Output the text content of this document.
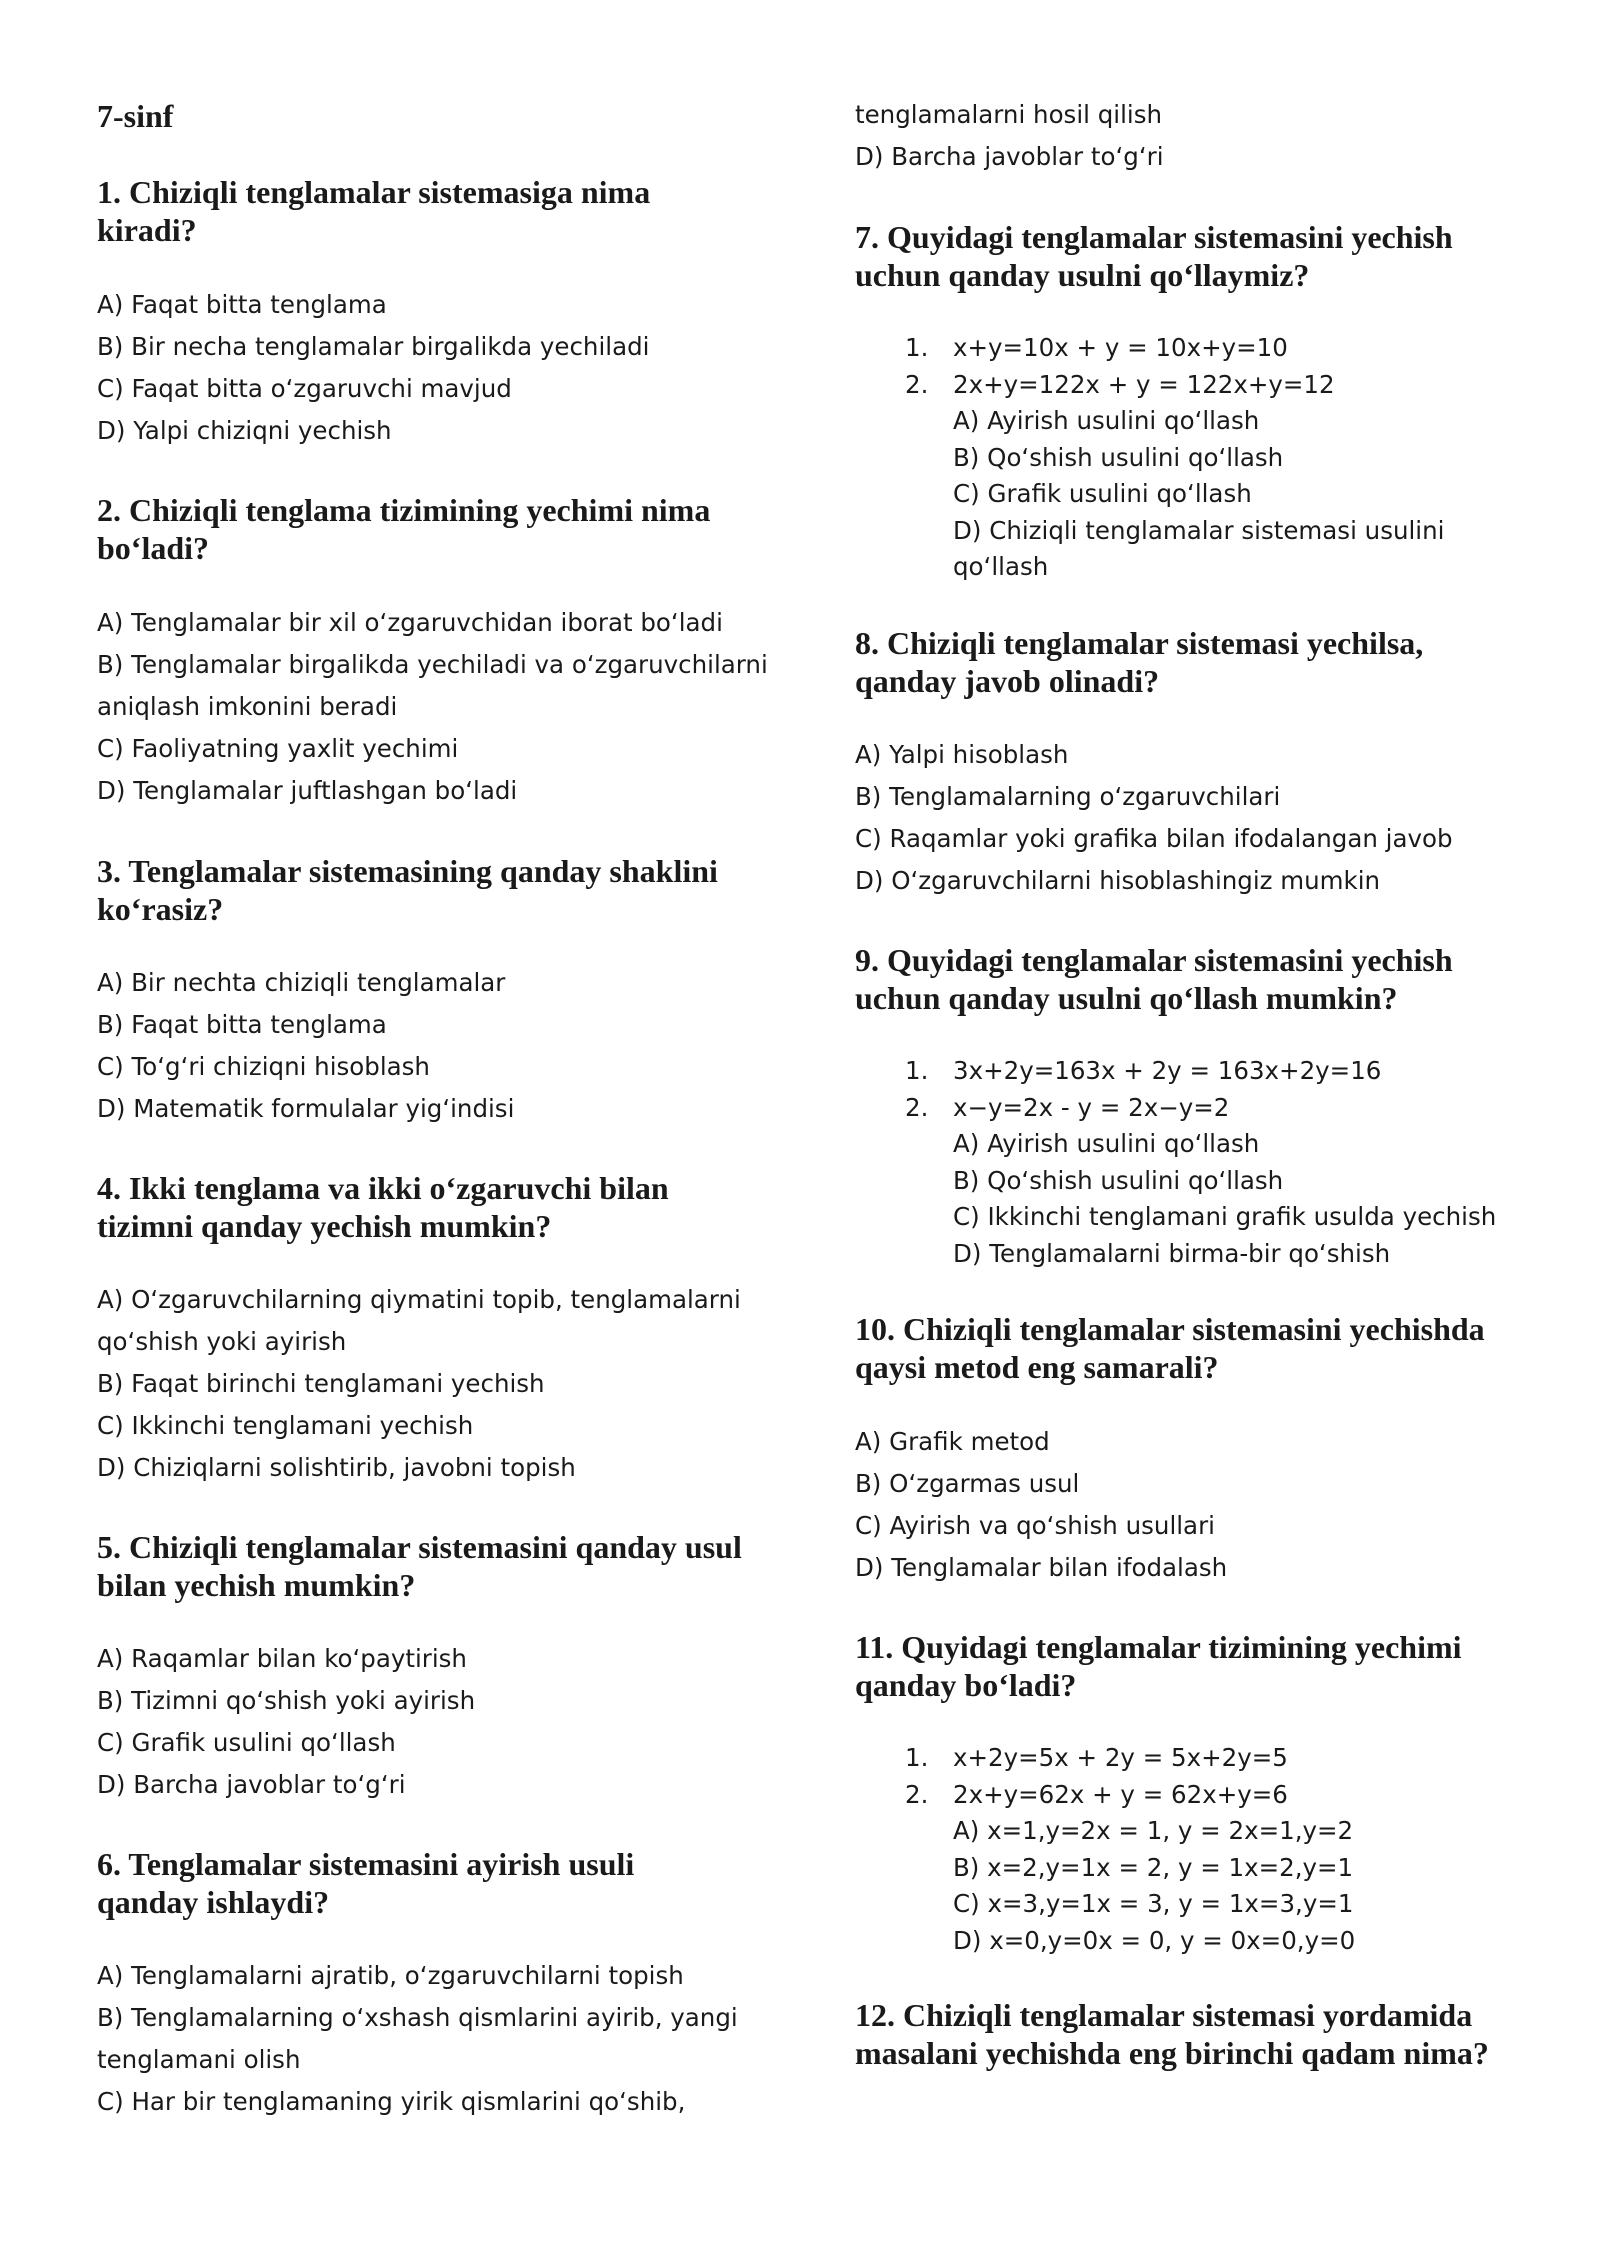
7-sinf
1. Chiziqli tenglamalar sistemasiga nima
kiradi?
A) Faqat bitta tenglama
B) Bir necha tenglamalar birgalikda yechiladi
C) Faqat bitta o‘zgaruvchi mavjud
D) Yalpi chiziqni yechish
2. Chiziqli tenglama tizimining yechimi nima
bo‘ladi?
A) Tenglamalar bir xil o‘zgaruvchidan iborat bo‘ladi
B) Tenglamalar birgalikda yechiladi va o‘zgaruvchilarni
aniqlash imkonini beradi
C) Faoliyatning yaxlit yechimi
D) Tenglamalar juftlashgan bo‘ladi
3. Tenglamalar sistemasining qanday shaklini
ko‘rasiz?
A) Bir nechta chiziqli tenglamalar
B) Faqat bitta tenglama
C) To‘g‘ri chiziqni hisoblash
D) Matematik formulalar yig‘indisi
4. Ikki tenglama va ikki o‘zgaruvchi bilan
tizimni qanday yechish mumkin?
A) O‘zgaruvchilarning qiymatini topib, tenglamalarni
qo‘shish yoki ayirish
B) Faqat birinchi tenglamani yechish
C) Ikkinchi tenglamani yechish
D) Chiziqlarni solishtirib, javobni topish
5. Chiziqli tenglamalar sistemasini qanday usul
bilan yechish mumkin?
A) Raqamlar bilan ko‘paytirish
B) Tizimni qo‘shish yoki ayirish
C) Grafik usulini qo‘llash
D) Barcha javoblar to‘g‘ri
6. Tenglamalar sistemasini ayirish usuli
qanday ishlaydi?
A) Tenglamalarni ajratib, o‘zgaruvchilarni topish
B) Tenglamalarning o‘xshash qismlarini ayirib, yangi
tenglamani olish
C) Har bir tenglamaning yirik qismlarini qo‘shib,
tenglamalarni hosil qilish
D) Barcha javoblar to‘g‘ri
7. Quyidagi tenglamalar sistemasini yechish
uchun qanday usulni qo‘llaymiz?
1. x+y=10x + y = 10x+y=10
2. 2x+y=122x + y = 122x+y=12
A) Ayirish usulini qo‘llash
B) Qo‘shish usulini qo‘llash
C) Grafik usulini qo‘llash
D) Chiziqli tenglamalar sistemasi usulini
qo‘llash
8. Chiziqli tenglamalar sistemasi yechilsa,
qanday javob olinadi?
A) Yalpi hisoblash
B) Tenglamalarning o‘zgaruvchilari
C) Raqamlar yoki grafika bilan ifodalangan javob
D) O‘zgaruvchilarni hisoblashingiz mumkin
9. Quyidagi tenglamalar sistemasini yechish
uchun qanday usulni qo‘llash mumkin?
1. 3x+2y=163x + 2y = 163x+2y=16
2. x−y=2x - y = 2x−y=2
A) Ayirish usulini qo‘llash
B) Qo‘shish usulini qo‘llash
C) Ikkinchi tenglamani grafik usulda yechish
D) Tenglamalarni birma-bir qo‘shish
10. Chiziqli tenglamalar sistemasini yechishda
qaysi metod eng samarali?
A) Grafik metod
B) O‘zgarmas usul
C) Ayirish va qo‘shish usullari
D) Tenglamalar bilan ifodalash
11. Quyidagi tenglamalar tizimining yechimi
qanday bo‘ladi?
1. x+2y=5x + 2y = 5x+2y=5
2. 2x+y=62x + y = 62x+y=6
A) x=1,y=2x = 1, y = 2x=1,y=2
B) x=2,y=1x = 2, y = 1x=2,y=1
C) x=3,y=1x = 3, y = 1x=3,y=1
D) x=0,y=0x = 0, y = 0x=0,y=0
12. Chiziqli tenglamalar sistemasi yordamida
masalani yechishda eng birinchi qadam nima?
